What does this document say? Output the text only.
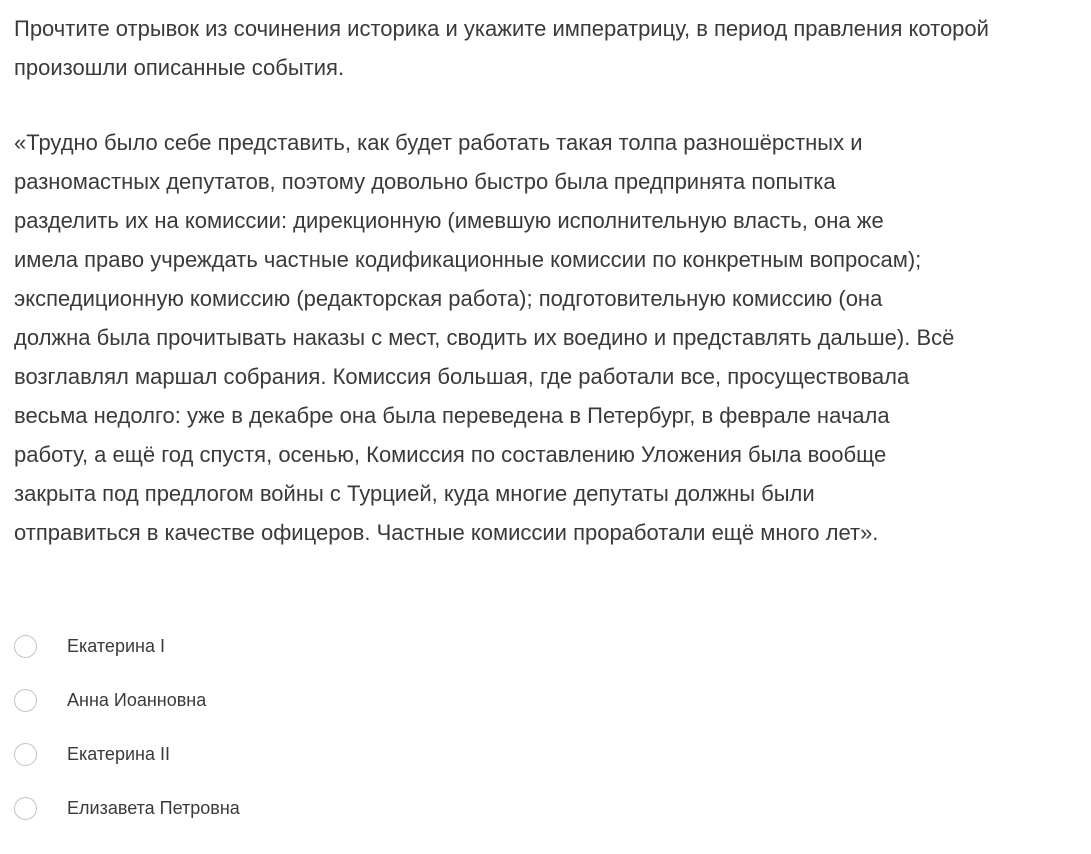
Прочтите отрывок из сочинения историка и укажите императрицу, в период правления которой произошли описанные события.

«Трудно было себе представить, как будет работать такая толпа разношёрстных и
разномастных депутатов, поэтому довольно быстро была предпринята попытка
разделить их на комиссии: дирекционную (имевшую исполнительную власть, она же
имела право учреждать частные кодификационные комиссии по конкретным вопросам);
экспедиционную комиссию (редакторская работа); подготовительную комиссию (она
должна была прочитывать наказы с мест, сводить их воедино и представлять дальше). Всё
возглавлял маршал собрания. Комиссия большая, где работали все, просуществовала
весьма недолго: уже в декабре она была переведена в Петербург, в феврале начала
работу, а ещё год спустя, осенью, Комиссия по составлению Уложения была вообще
закрыта под предлогом войны с Турцией, куда многие депутаты должны были
отправиться в качестве офицеров. Частные комиссии проработали ещё много лет».
Екатерина I
Анна Иоанновна
Екатерина II
Елизавета Петровна
